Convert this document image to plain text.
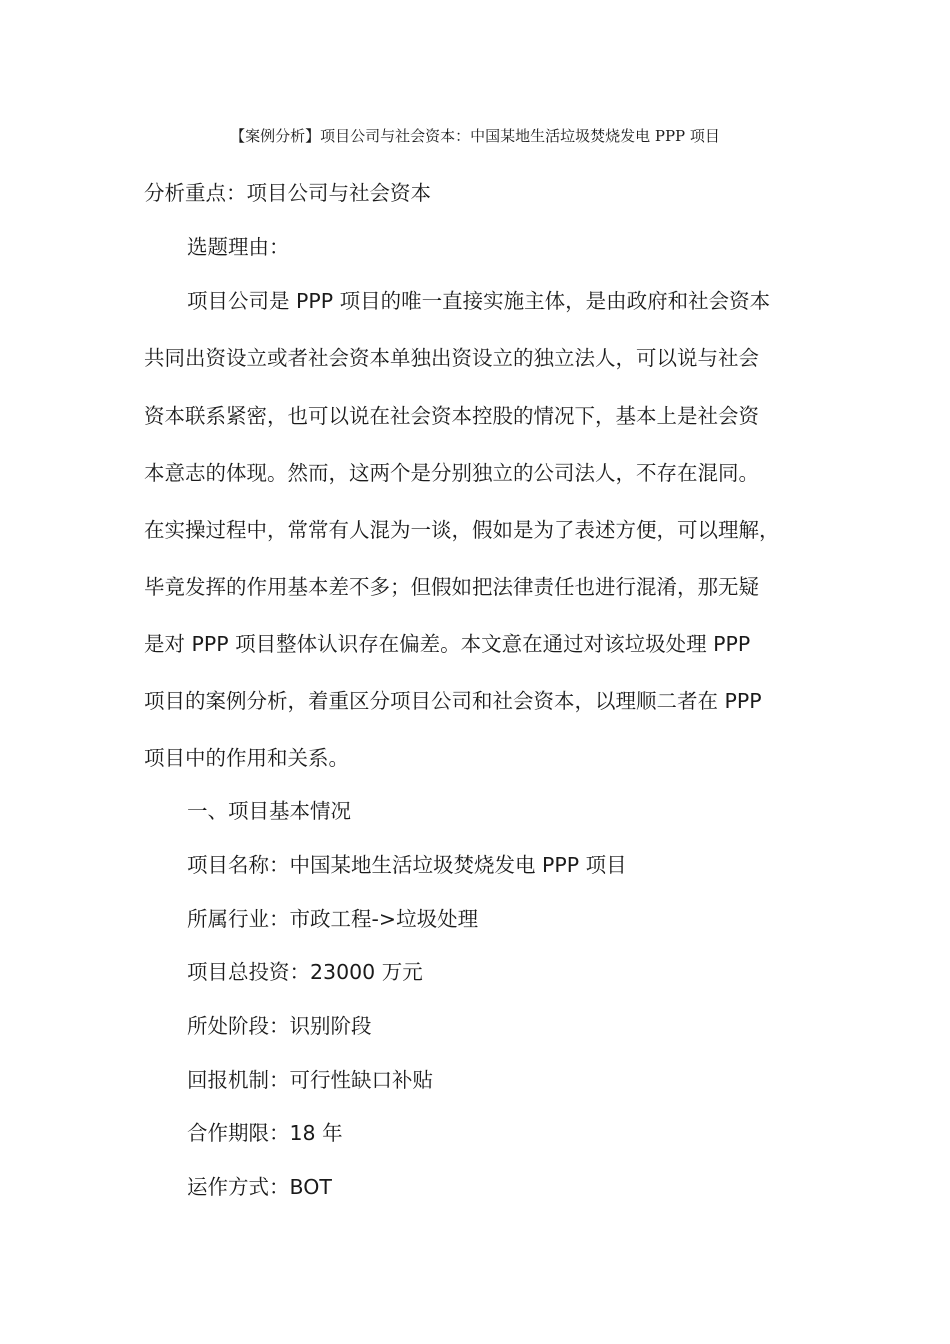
【案例分析】项目公司与社会资本：中国某地生活垃圾焚烧发电 PPP 项目
分析重点：项目公司与社会资本
选题理由：
项目公司是 PPP 项目的唯一直接实施主体，是由政府和社会资本
共同出资设立或者社会资本单独出资设立的独立法人，可以说与社会
资本联系紧密，也可以说在社会资本控股的情况下，基本上是社会资
本意志的体现。然而，这两个是分别独立的公司法人，不存在混同。
在实操过程中，常常有人混为一谈，假如是为了表述方便，可以理解，
毕竟发挥的作用基本差不多；但假如把法律责任也进行混淆，那无疑
是对 PPP 项目整体认识存在偏差。本文意在通过对该垃圾处理 PPP
项目的案例分析，着重区分项目公司和社会资本，以理顺二者在 PPP
项目中的作用和关系。
一、项目基本情况
项目名称：中国某地生活垃圾焚烧发电 PPP 项目
所属行业：市政工程->垃圾处理
项目总投资：23000 万元
所处阶段：识别阶段
回报机制：可行性缺口补贴
合作期限：18 年
运作方式：BOT
